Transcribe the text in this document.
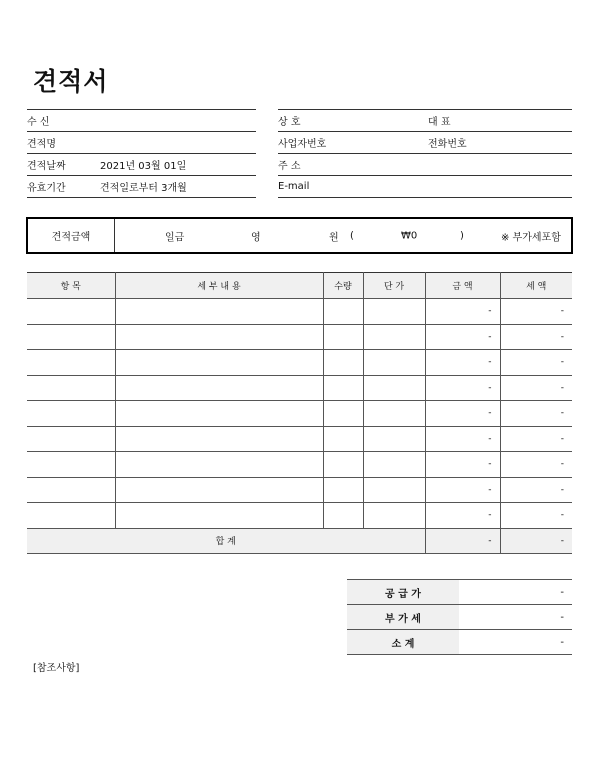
견적서
수 신	
견적명	
견적날짜	2021년 03월 01일
유효기간	견적일로부터 3개월
상 호	대 표
사업자번호	전화번호
주 소	
E-mail	
견적금액	일금	영	원 (	₩0	)	※ 부가세포함
항 목	세 부 내 용	수량	단 가	금 액	세 액
				-	-
				-	-
				-	-
				-	-
				-	-
				-	-
				-	-
				-	-
				-	-
합 계				-	-
공 급 가	-
부 가 세	-
소 계	-
[참조사항]
